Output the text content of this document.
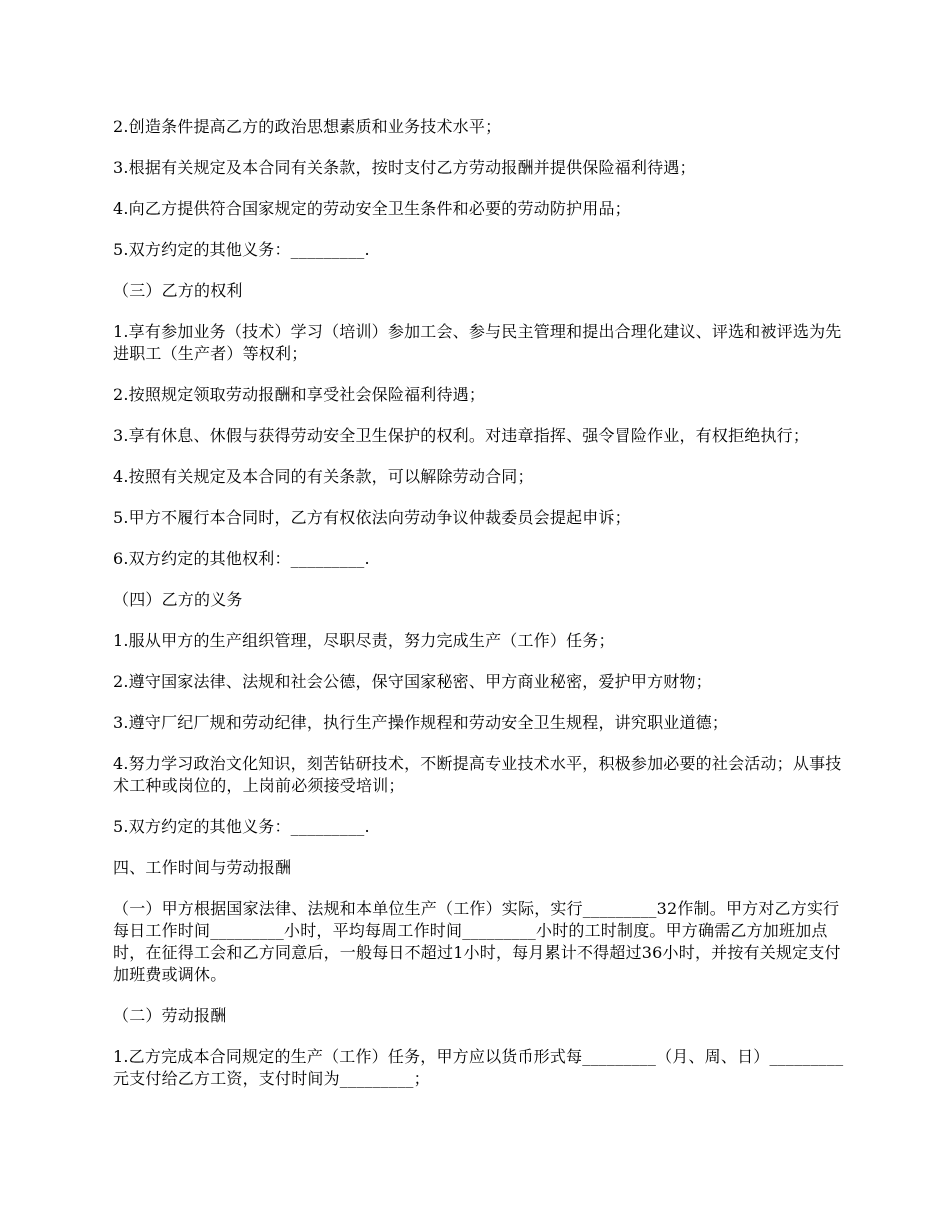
2.创造条件提高乙方的政治思想素质和业务技术水平；

3.根据有关规定及本合同有关条款，按时支付乙方劳动报酬并提供保险福利待遇；

4.向乙方提供符合国家规定的劳动安全卫生条件和必要的劳动防护用品；

5.双方约定的其他义务：_________.

（三）乙方的权利

1.享有参加业务（技术）学习（培训）参加工会、参与民主管理和提出合理化建议、评选和被评选为先进职工（生产者）等权利；

2.按照规定领取劳动报酬和享受社会保险福利待遇；

3.享有休息、休假与获得劳动安全卫生保护的权利。对违章指挥、强令冒险作业，有权拒绝执行；

4.按照有关规定及本合同的有关条款，可以解除劳动合同；

5.甲方不履行本合同时，乙方有权依法向劳动争议仲裁委员会提起申诉；

6.双方约定的其他权利：_________.

（四）乙方的义务

1.服从甲方的生产组织管理，尽职尽责，努力完成生产（工作）任务；

2.遵守国家法律、法规和社会公德，保守国家秘密、甲方商业秘密，爱护甲方财物；

3.遵守厂纪厂规和劳动纪律，执行生产操作规程和劳动安全卫生规程，讲究职业道德；

4.努力学习政治文化知识，刻苦钻研技术，不断提高专业技术水平，积极参加必要的社会活动；从事技术工种或岗位的，上岗前必须接受培训；

5.双方约定的其他义务：_________.

四、工作时间与劳动报酬

（一）甲方根据国家法律、法规和本单位生产（工作）实际，实行_________32作制。甲方对乙方实行每日工作时间_________小时，平均每周工作时间_________小时的工时制度。甲方确需乙方加班加点时，在征得工会和乙方同意后，一般每日不超过1小时，每月累计不得超过36小时，并按有关规定支付加班费或调休。

（二）劳动报酬

1.乙方完成本合同规定的生产（工作）任务，甲方应以货币形式每_________（月、周、日）_________元支付给乙方工资，支付时间为_________；
